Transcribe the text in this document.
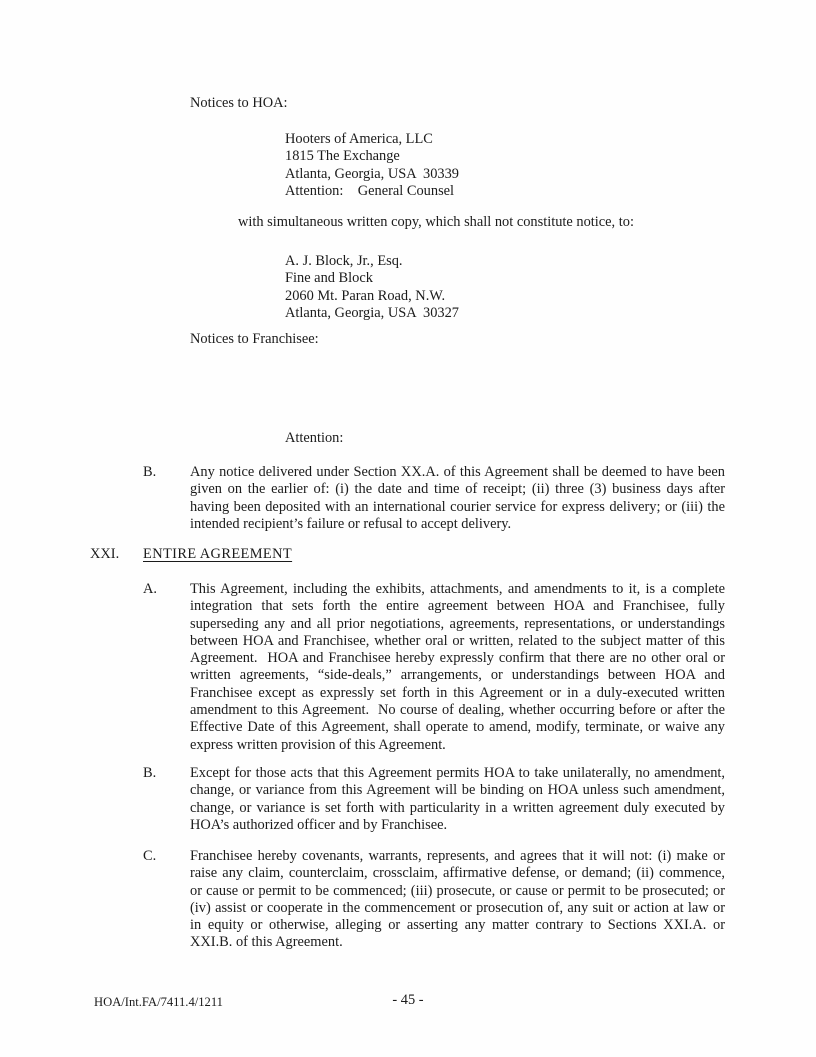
Notices to HOA:
Hooters of America, LLC
1815 The Exchange
Atlanta, Georgia, USA  30339
Attention:    General Counsel
with simultaneous written copy, which shall not constitute notice, to:
A. J. Block, Jr., Esq.
Fine and Block
2060 Mt. Paran Road, N.W.
Atlanta, Georgia, USA  30327
Notices to Franchisee:
Attention:
B.	Any notice delivered under Section XX.A. of this Agreement shall be deemed to have been given on the earlier of: (i) the date and time of receipt; (ii) three (3) business days after having been deposited with an international courier service for express delivery; or (iii) the intended recipient’s failure or refusal to accept delivery.
XXI.	ENTIRE AGREEMENT
A.	This Agreement, including the exhibits, attachments, and amendments to it, is a complete integration that sets forth the entire agreement between HOA and Franchisee, fully superseding any and all prior negotiations, agreements, representations, or understandings between HOA and Franchisee, whether oral or written, related to the subject matter of this Agreement.  HOA and Franchisee hereby expressly confirm that there are no other oral or written agreements, “side-deals,” arrangements, or understandings between HOA and Franchisee except as expressly set forth in this Agreement or in a duly-executed written amendment to this Agreement.  No course of dealing, whether occurring before or after the Effective Date of this Agreement, shall operate to amend, modify, terminate, or waive any express written provision of this Agreement.
B.	Except for those acts that this Agreement permits HOA to take unilaterally, no amendment, change, or variance from this Agreement will be binding on HOA unless such amendment, change, or variance is set forth with particularity in a written agreement duly executed by HOA’s authorized officer and by Franchisee.
C.	Franchisee hereby covenants, warrants, represents, and agrees that it will not: (i) make or raise any claim, counterclaim, crossclaim, affirmative defense, or demand; (ii) commence, or cause or permit to be commenced; (iii) prosecute, or cause or permit to be prosecuted; or (iv) assist or cooperate in the commencement or prosecution of, any suit or action at law or in equity or otherwise, alleging or asserting any matter contrary to Sections XXI.A. or XXI.B. of this Agreement.
HOA/Int.FA/7411.4/1211	- 45 -
